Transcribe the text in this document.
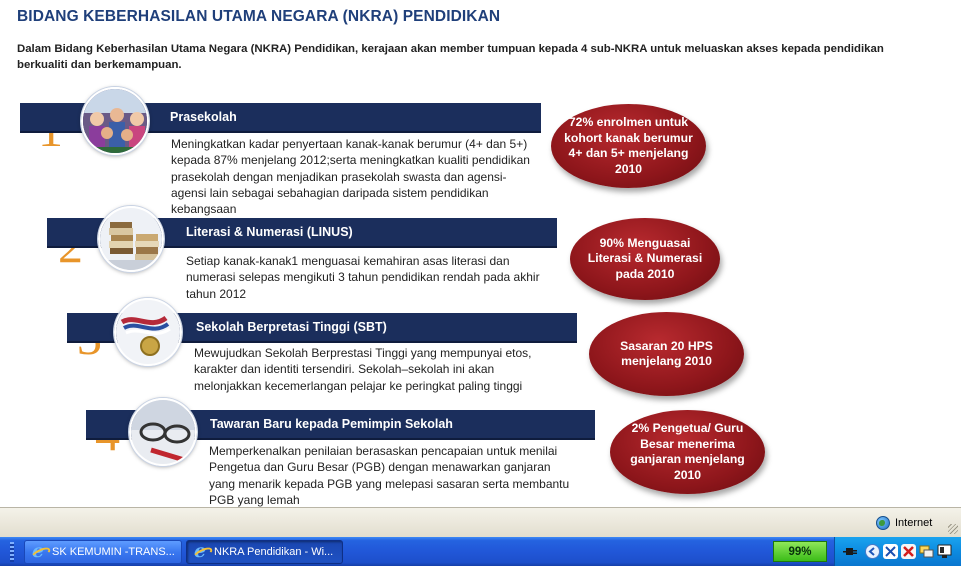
BIDANG KEBERHASILAN UTAMA NEGARA (NKRA) PENDIDIKAN
Dalam Bidang Keberhasilan Utama Negara (NKRA) Pendidikan, kerajaan akan member tumpuan kepada 4 sub-NKRA untuk meluaskan akses kepada pendidikan berkualiti dan berkemampuan.
Prasekolah
Meningkatkan kadar penyertaan kanak-kanak berumur (4+ dan 5+) kepada 87% menjelang 2012;serta meningkatkan kualiti pendidikan prasekolah dengan menjadikan prasekolah swasta dan agensi-agensi lain sebagai sebahagian daripada sistem pendidikan kebangsaan
72% enrolmen untuk kohort kanak berumur 4+ dan 5+ menjelang 2010
Literasi & Numerasi (LINUS)
Setiap kanak-kanak1 menguasai kemahiran asas literasi dan numerasi selepas mengikuti 3 tahun pendidikan rendah pada akhir tahun 2012
90% Menguasai Literasi & Numerasi pada 2010
Sekolah Berpretasi Tinggi (SBT)
Mewujudkan Sekolah Berprestasi Tinggi yang mempunyai etos, karakter dan identiti tersendiri. Sekolah–sekolah ini akan melonjakkan kecemerlangan pelajar ke peringkat paling tinggi
Sasaran 20 HPS menjelang 2010
Tawaran Baru kepada Pemimpin Sekolah
Memperkenalkan penilaian berasaskan pencapaian untuk menilai Pengetua dan Guru Besar (PGB) dengan menawarkan ganjaran yang menarik kepada PGB yang melepasi sasaran serta membantu PGB yang lemah
2% Pengetua/ Guru Besar menerima ganjaran menjelang 2010
Internet
e
SK KEMUMIN -TRANS...
e	NKRA Pendidikan - Wi...	99%
